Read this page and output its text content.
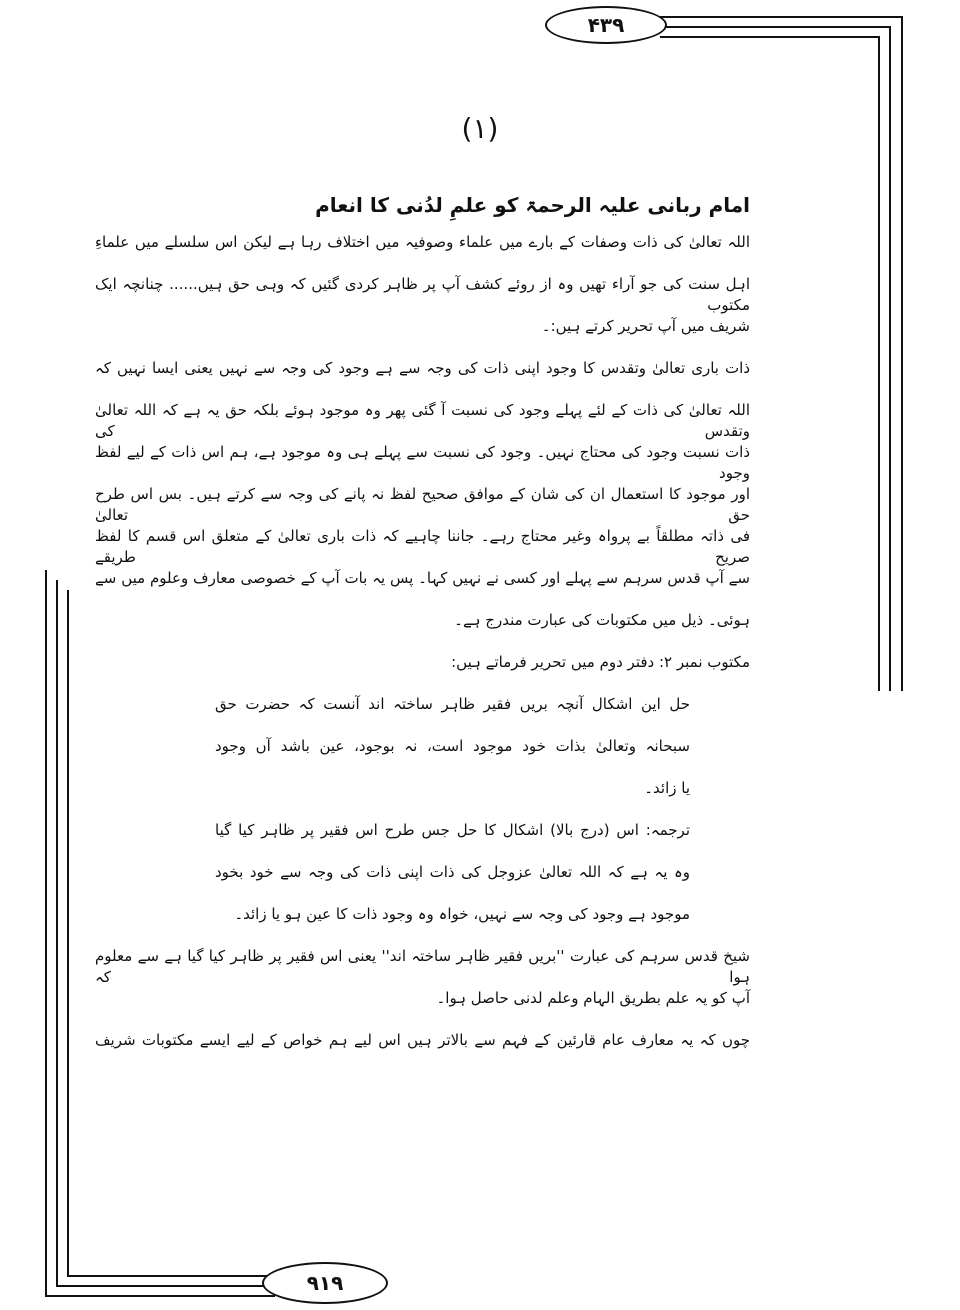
۴۳۹
۹۱۹
(۱)
امام ربانی علیہ الرحمۃ کو علمِ لدُنی کا انعام
اللہ تعالیٰ کی ذات وصفات کے بارے میں علماء وصوفیہ میں اختلاف رہا ہے لیکن اس سلسلے میں علماءِ
اہل سنت کی جو آراء تھیں وہ از روئے کشف آپ پر ظاہر کردی گئیں کہ وہی حق ہیں...... چنانچہ ایک مکتوب
شریف میں آپ تحریر کرتے ہیں:۔
ذات باری تعالیٰ وتقدس کا وجود اپنی ذات کی وجہ سے ہے وجود کی وجہ سے نہیں یعنی ایسا نہیں کہ
اللہ تعالیٰ کی ذات کے لئے پہلے وجود کی نسبت آ گئی پھر وہ موجود ہوئے بلکہ حق یہ ہے کہ اللہ تعالیٰ وتقدس کی
ذات نسبت وجود کی محتاج نہیں۔ وجود کی نسبت سے پہلے ہی وہ موجود ہے، ہم اس ذات کے لیے لفظ وجود
اور موجود کا استعمال ان کی شان کے موافق صحیح لفظ نہ پانے کی وجہ سے کرتے ہیں۔ بس اس طرح حق تعالیٰ
فی ذاتہ مطلقاً بے پرواہ وغیر محتاج رہے۔ جاننا چاہیے کہ ذات باری تعالیٰ کے متعلق اس قسم کا لفظ صریح طریقے
سے آپ قدس سرہم سے پہلے اور کسی نے نہیں کہا۔ پس یہ بات آپ کے خصوصی معارف وعلوم میں سے
ہوئی۔ ذیل میں مکتوبات کی عبارت مندرج ہے۔
مکتوب نمبر ۲: دفتر دوم میں تحریر فرماتے ہیں:
حل این اشکال آنچہ بریں فقیر ظاہر ساختہ اند آنست کہ حضرت حق
سبحانہ وتعالیٰ بذات خود موجود است، نہ بوجود، عین باشد آں وجود
یا زائد۔
ترجمہ: اس (درج بالا) اشکال کا حل جس طرح اس فقیر پر ظاہر کیا گیا
وہ یہ ہے کہ اللہ تعالیٰ عزوجل کی ذات اپنی ذات کی وجہ سے خود بخود
موجود ہے وجود کی وجہ سے نہیں، خواہ وہ وجود ذات کا عین ہو یا زائد۔
شیخ قدس سرہم کی عبارت ''بریں فقیر ظاہر ساختہ اند'' یعنی اس فقیر پر ظاہر کیا گیا ہے سے معلوم ہوا کہ
آپ کو یہ علم بطریق الہام وعلم لدنی حاصل ہوا۔
چوں کہ یہ معارف عام قارئین کے فہم سے بالاتر ہیں اس لیے ہم خواص کے لیے ایسے مکتوبات شریف
